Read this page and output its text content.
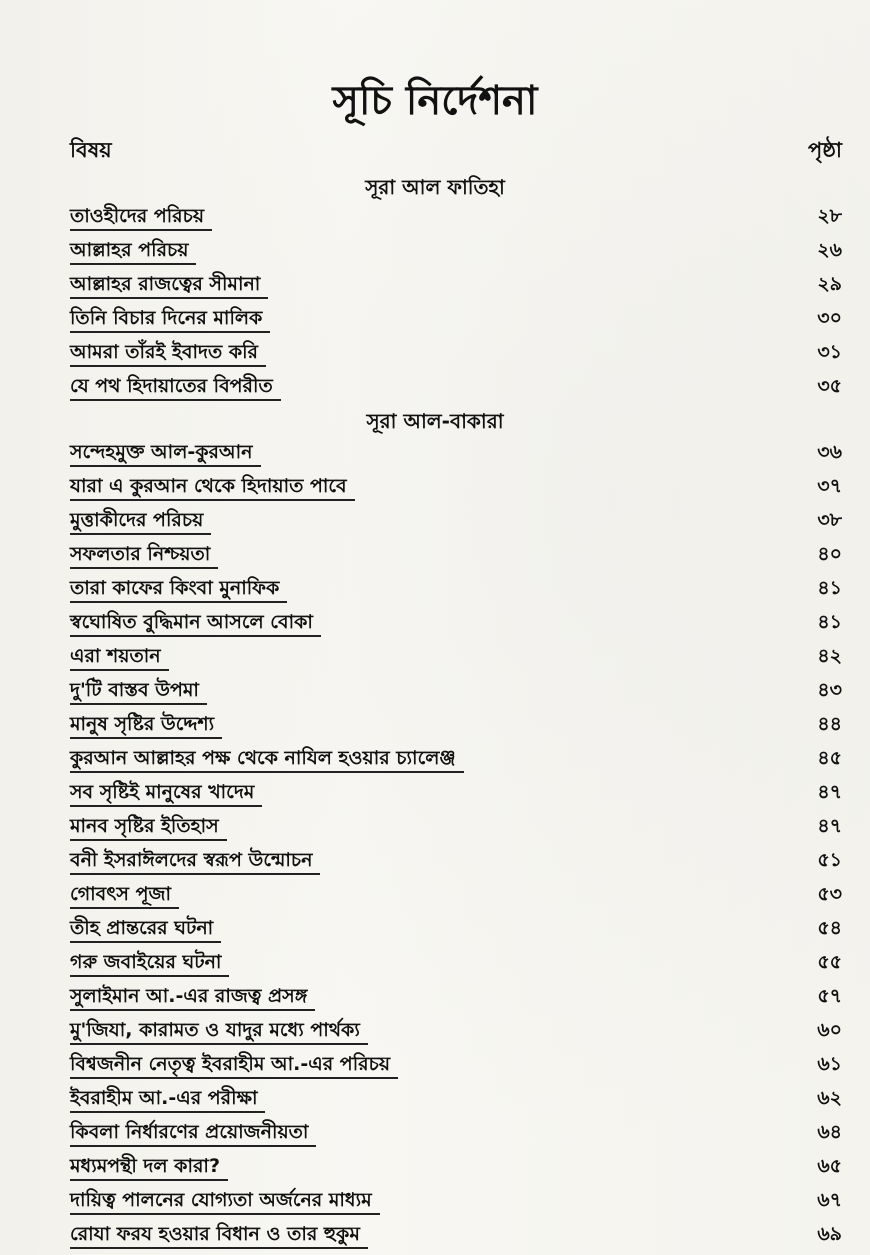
সূচি নির্দেশনা
বিষয়	পৃষ্ঠা
সূরা আল ফাতিহা
তাওহীদের পরিচয়	২৮
আল্লাহর পরিচয়	২৬
আল্লাহর রাজত্বের সীমানা	২৯
তিনি বিচার দিনের মালিক	৩০
আমরা তাঁরই ইবাদত করি	৩১
যে পথ হিদায়াতের বিপরীত	৩৫
সূরা আল-বাকারা
সন্দেহমুক্ত আল-কুরআন	৩৬
যারা এ কুরআন থেকে হিদায়াত পাবে	৩৭
মুত্তাকীদের পরিচয়	৩৮
সফলতার নিশ্চয়তা	৪০
তারা কাফের কিংবা মুনাফিক	৪১
স্বঘোষিত বুদ্ধিমান আসলে বোকা	৪১
এরা শয়তান	৪২
দু'টি বাস্তব উপমা	৪৩
মানুষ সৃষ্টির উদ্দেশ্য	৪৪
কুরআন আল্লাহর পক্ষ থেকে নাযিল হওয়ার চ্যালেঞ্জ	৪৫
সব সৃষ্টিই মানুষের খাদেম	৪৭
মানব সৃষ্টির ইতিহাস	৪৭
বনী ইসরাঈলদের স্বরূপ উন্মোচন	৫১
গোবৎস পূজা	৫৩
তীহ প্রান্তরের ঘটনা	৫৪
গরু জবাইয়ের ঘটনা	৫৫
সুলাইমান আ.-এর রাজত্ব প্রসঙ্গ	৫৭
মু'জিযা, কারামত ও যাদুর মধ্যে পার্থক্য	৬০
বিশ্বজনীন নেতৃত্ব ইবরাহীম আ.-এর পরিচয়	৬১
ইবরাহীম আ.-এর পরীক্ষা	৬২
কিবলা নির্ধারণের প্রয়োজনীয়তা	৬৪
মধ্যমপন্থী দল কারা?	৬৫
দায়িত্ব পালনের যোগ্যতা অর্জনের মাধ্যম	৬৭
রোযা ফরয হওয়ার বিধান ও তার হুকুম	৬৯
